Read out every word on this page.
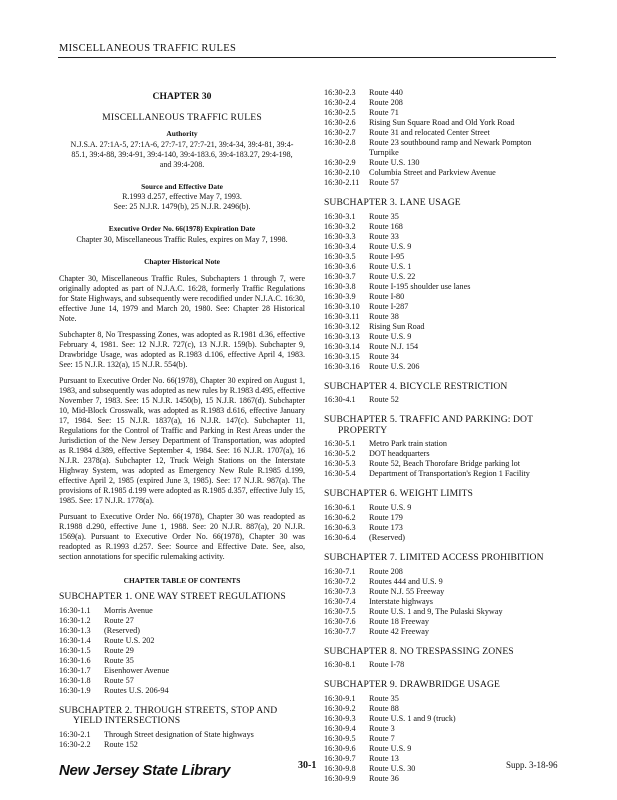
MISCELLANEOUS TRAFFIC RULES
CHAPTER 30
MISCELLANEOUS TRAFFIC RULES
Authority
N.J.S.A. 27:1A-5, 27:1A-6, 27:7-17, 27:7-21, 39:4-34, 39:4-81, 39:4-85.1, 39:4-88, 39:4-91, 39:4-140, 39:4-183.6, 39:4-183.27, 29:4-198, and 39:4-208.
Source and Effective Date
R.1993 d.257, effective May 7, 1993.
See: 25 N.J.R. 1479(b), 25 N.J.R. 2496(b).
Executive Order No. 66(1978) Expiration Date
Chapter 30, Miscellaneous Traffic Rules, expires on May 7, 1998.
Chapter Historical Note
Chapter 30, Miscellaneous Traffic Rules, Subchapters 1 through 7, were originally adopted as part of N.J.A.C. 16:28, formerly Traffic Regulations for State Highways, and subsequently were recodified under N.J.A.C. 16:30, effective June 14, 1979 and March 20, 1980. See: Chapter 28 Historical Note.
Subchapter 8, No Trespassing Zones, was adopted as R.1981 d.36, effective February 4, 1981. See: 12 N.J.R. 727(c), 13 N.J.R. 159(b). Subchapter 9, Drawbridge Usage, was adopted as R.1983 d.106, effective April 4, 1983. See: 15 N.J.R. 132(a), 15 N.J.R. 554(b).
Pursuant to Executive Order No. 66(1978), Chapter 30 expired on August 1, 1983, and subsequently was adopted as new rules by R.1983 d.495, effective November 7, 1983. See: 15 N.J.R. 1450(b), 15 N.J.R. 1867(d). Subchapter 10, Mid-Block Crosswalk, was adopted as R.1983 d.616, effective January 17, 1984. See: 15 N.J.R. 1837(a), 16 N.J.R. 147(c). Subchapter 11, Regulations for the Control of Traffic and Parking in Rest Areas under the Jurisdiction of the New Jersey Department of Transportation, was adopted as R.1984 d.389, effective September 4, 1984. See: 16 N.J.R. 1707(a), 16 N.J.R. 2378(a). Subchapter 12, Truck Weigh Stations on the Interstate Highway System, was adopted as Emergency New Rule R.1985 d.199, effective April 2, 1985 (expired June 3, 1985). See: 17 N.J.R. 987(a). The provisions of R.1985 d.199 were adopted as R.1985 d.357, effective July 15, 1985. See: 17 N.J.R. 1778(a).
Pursuant to Executive Order No. 66(1978), Chapter 30 was readopted as R.1988 d.290, effective June 1, 1988. See: 20 N.J.R. 887(a), 20 N.J.R. 1569(a). Pursuant to Executive Order No. 66(1978), Chapter 30 was readopted as R.1993 d.257. See: Source and Effective Date. See, also, section annotations for specific rulemaking activity.
CHAPTER TABLE OF CONTENTS
SUBCHAPTER 1. ONE WAY STREET REGULATIONS
16:30-1.1	Morris Avenue
16:30-1.2	Route 27
16:30-1.3	(Reserved)
16:30-1.4	Route U.S. 202
16:30-1.5	Route 29
16:30-1.6	Route 35
16:30-1.7	Eisenhower Avenue
16:30-1.8	Route 57
16:30-1.9	Routes U.S. 206-94
SUBCHAPTER 2. THROUGH STREETS, STOP AND YIELD INTERSECTIONS
16:30-2.1	Through Street designation of State highways
16:30-2.2	Route 152
16:30-2.3	Route 440
16:30-2.4	Route 208
16:30-2.5	Route 71
16:30-2.6	Rising Sun Square Road and Old York Road
16:30-2.7	Route 31 and relocated Center Street
16:30-2.8	Route 23 southbound ramp and Newark Pompton Turnpike
16:30-2.9	Route U.S. 130
16:30-2.10	Columbia Street and Parkview Avenue
16:30-2.11	Route 57
SUBCHAPTER 3. LANE USAGE
16:30-3.1	Route 35
16:30-3.2	Route 168
16:30-3.3	Route 33
16:30-3.4	Route U.S. 9
16:30-3.5	Route I-95
16:30-3.6	Route U.S. 1
16:30-3.7	Route U.S. 22
16:30-3.8	Route I-195 shoulder use lanes
16:30-3.9	Route I-80
16:30-3.10	Route I-287
16:30-3.11	Route 38
16:30-3.12	Rising Sun Road
16:30-3.13	Route U.S. 9
16:30-3.14	Route N.J. 154
16:30-3.15	Route 34
16:30-3.16	Route U.S. 206
SUBCHAPTER 4. BICYCLE RESTRICTION
16:30-4.1	Route 52
SUBCHAPTER 5. TRAFFIC AND PARKING: DOT PROPERTY
16:30-5.1	Metro Park train station
16:30-5.2	DOT headquarters
16:30-5.3	Route 52, Beach Thorofare Bridge parking lot
16:30-5.4	Department of Transportation's Region 1 Facility
SUBCHAPTER 6. WEIGHT LIMITS
16:30-6.1	Route U.S. 9
16:30-6.2	Route 179
16:30-6.3	Route 173
16:30-6.4	(Reserved)
SUBCHAPTER 7. LIMITED ACCESS PROHIBITION
16:30-7.1	Route 208
16:30-7.2	Routes 444 and U.S. 9
16:30-7.3	Route N.J. 55 Freeway
16:30-7.4	Interstate highways
16:30-7.5	Route U.S. 1 and 9, The Pulaski Skyway
16:30-7.6	Route 18 Freeway
16:30-7.7	Route 42 Freeway
SUBCHAPTER 8. NO TRESPASSING ZONES
16:30-8.1	Route I-78
SUBCHAPTER 9. DRAWBRIDGE USAGE
16:30-9.1	Route 35
16:30-9.2	Route 88
16:30-9.3	Route U.S. 1 and 9 (truck)
16:30-9.4	Route 3
16:30-9.5	Route 7
16:30-9.6	Route U.S. 9
16:30-9.7	Route 13
16:30-9.8	Route U.S. 30
16:30-9.9	Route 36
New Jersey State Library	30-1	Supp. 3-18-96
